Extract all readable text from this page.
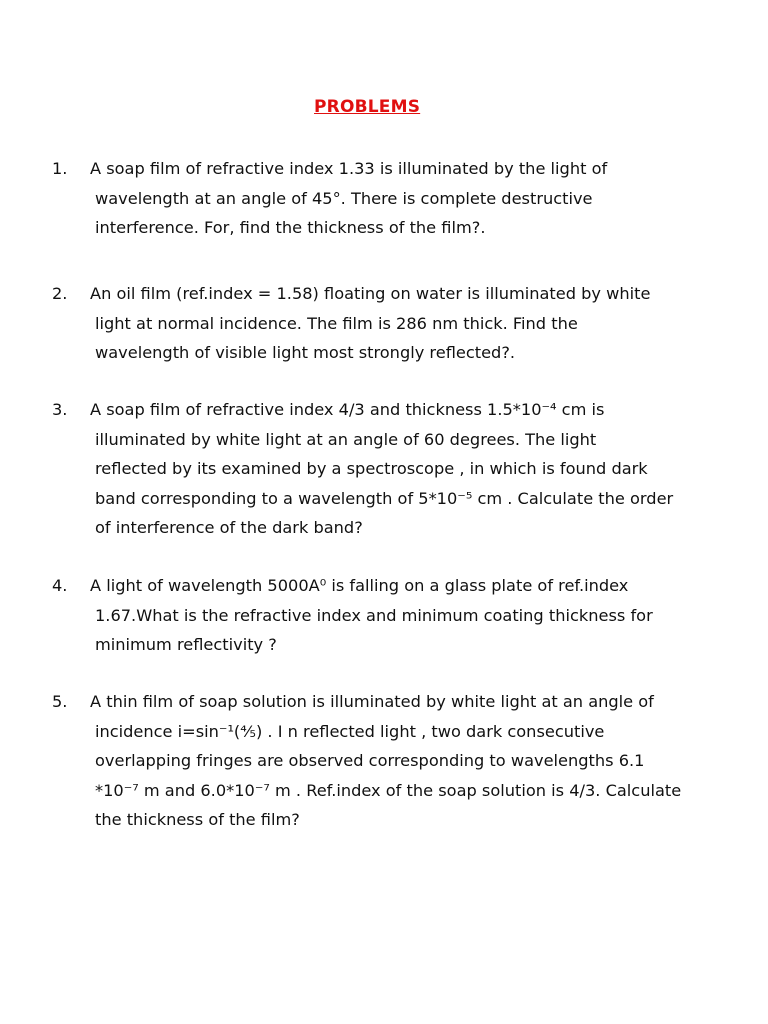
PROBLEMS
1.	A soap film of refractive index 1.33 is illuminated by the light of
wavelength at an angle of 45°. There is complete destructive
interference. For, find the thickness of the film?.
2.	An oil film (ref.index = 1.58) floating on water is illuminated by white
light at normal incidence. The film is 286 nm thick. Find the
wavelength of visible light most strongly reflected?.
3.	A soap film of refractive index 4/3 and thickness 1.5*10⁻⁴ cm is
illuminated by white light at an angle of 60 degrees. The light
reflected by its examined by a spectroscope , in which is found dark
band corresponding to a wavelength of 5*10⁻⁵ cm . Calculate the order
of interference of the dark band?
4.	A light of wavelength 5000A⁰ is falling on a glass plate of ref.index
1.67.What is the refractive index and minimum coating thickness for
minimum reflectivity ?
5.	A thin film of soap solution is illuminated by white light at an angle of
incidence i=sin⁻¹(⅘) . I n reflected light , two dark consecutive
overlapping fringes are observed corresponding to wavelengths 6.1
*10⁻⁷ m and 6.0*10⁻⁷ m . Ref.index of the soap solution is 4/3. Calculate
the thickness of the film?
